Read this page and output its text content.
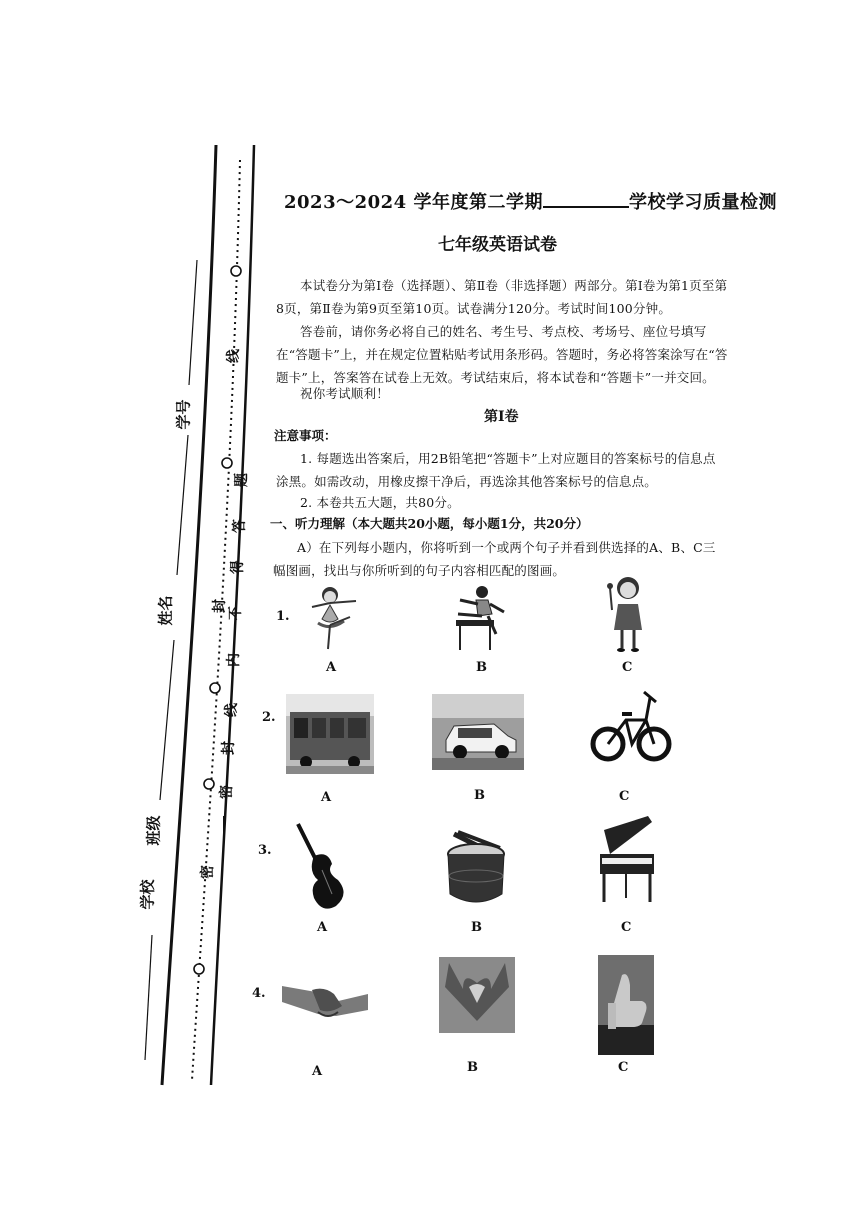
学号
姓名
班级
学校
线
题
答
得
不
封
内
线
封
密
密
2023～2024 学年度第二学期	学校学习质量检测
七年级英语试卷
本试卷分为第Ⅰ卷（选择题）、第Ⅱ卷（非选择题）两部分。第Ⅰ卷为第1页至第8页，第Ⅱ卷为第9页至第10页。试卷满分120分。考试时间100分钟。
答卷前，请你务必将自己的姓名、考生号、考点校、考场号、座位号填写在“答题卡”上，并在规定位置粘贴考试用条形码。答题时，务必将答案涂写在“答题卡”上，答案答在试卷上无效。考试结束后，将本试卷和“答题卡”一并交回。
祝你考试顺利！
第Ⅰ卷
注意事项：
1. 每题选出答案后，用2B铅笔把“答题卡”上对应题目的答案标号的信息点涂黑。如需改动，用橡皮擦干净后，再选涂其他答案标号的信息点。
2. 本卷共五大题，共80分。
一、听力理解（本大题共20小题，每小题1分，共20分）
A）在下列每小题内，你将听到一个或两个句子并看到供选择的A、B、C三幅图画，找出与你所听到的句子内容相匹配的图画。
1.
A	B	C
2.
A	B	C
3.
A	B	C
4.
A	B	C
